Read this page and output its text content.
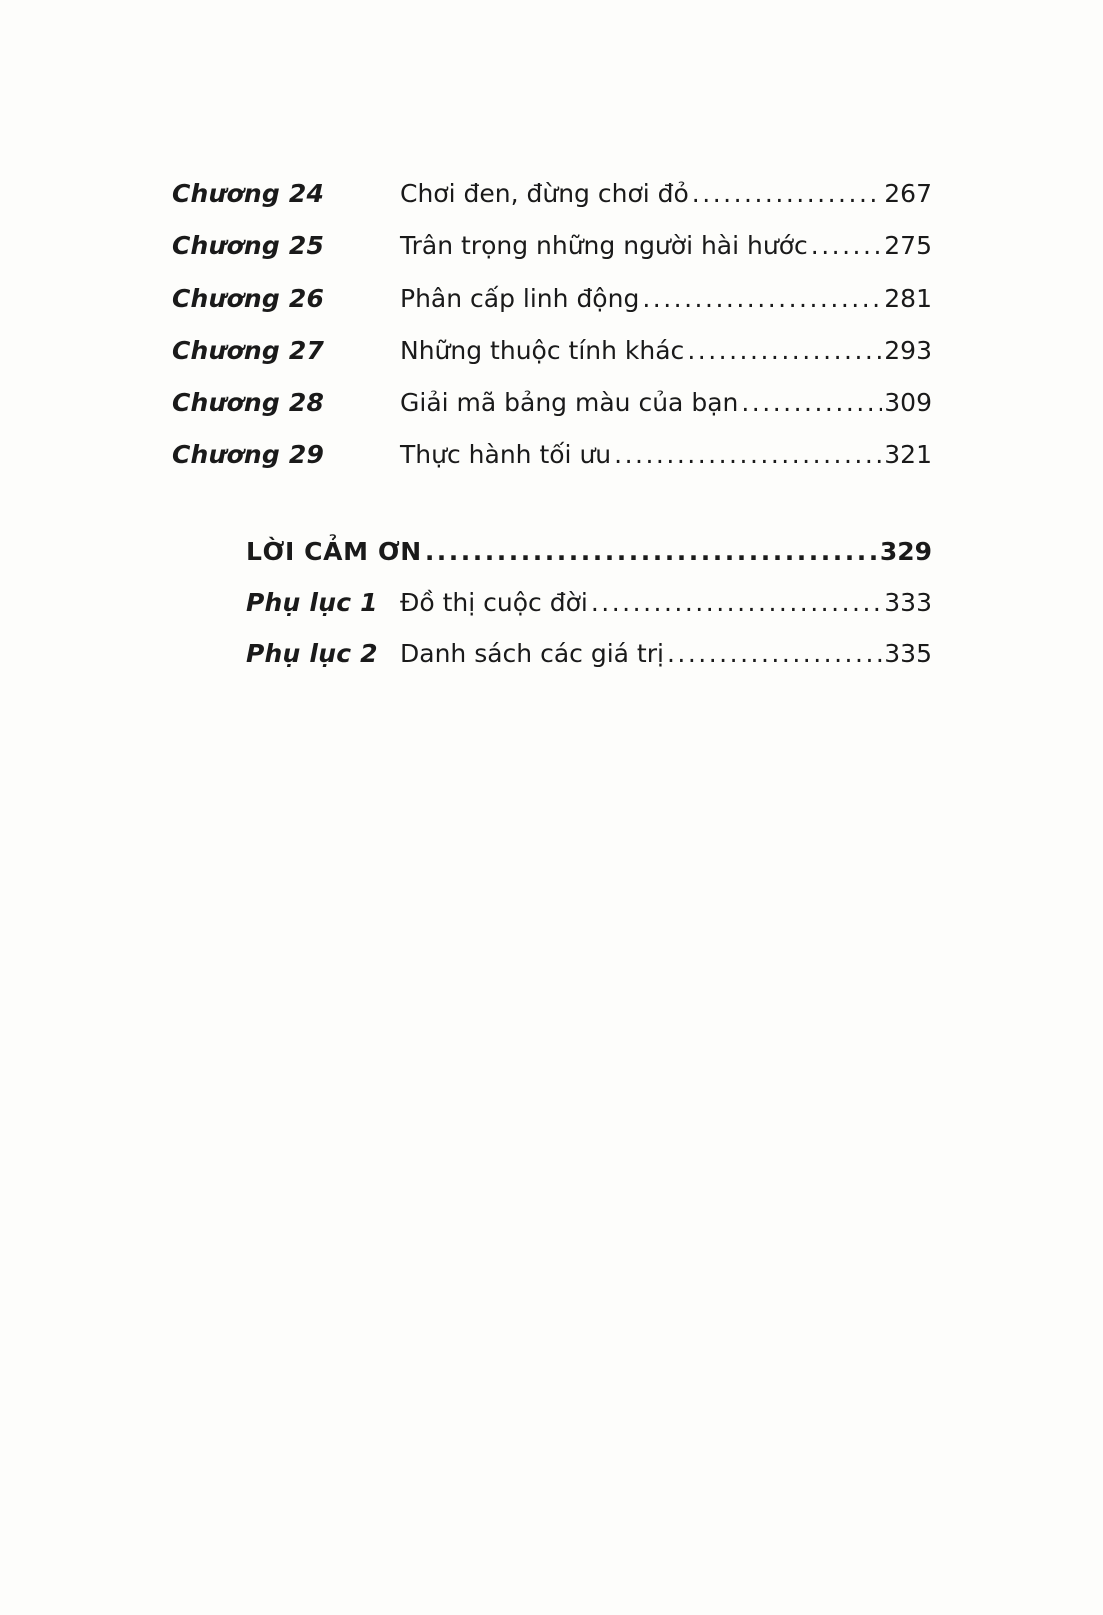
Chương 24	Chơi đen, đừng chơi đỏ .....	267
Chương 25	Trân trọng những người hài hước .....	275
Chương 26	Phân cấp linh động .....	281
Chương 27	Những thuộc tính khác .....	293
Chương 28	Giải mã bảng màu của bạn .....	309
Chương 29	Thực hành tối ưu .....	321
LỜI CẢM ƠN .....	329
Phụ lục 1 Đồ thị cuộc đời .....	333
Phụ lục 2 Danh sách các giá trị .....	335
